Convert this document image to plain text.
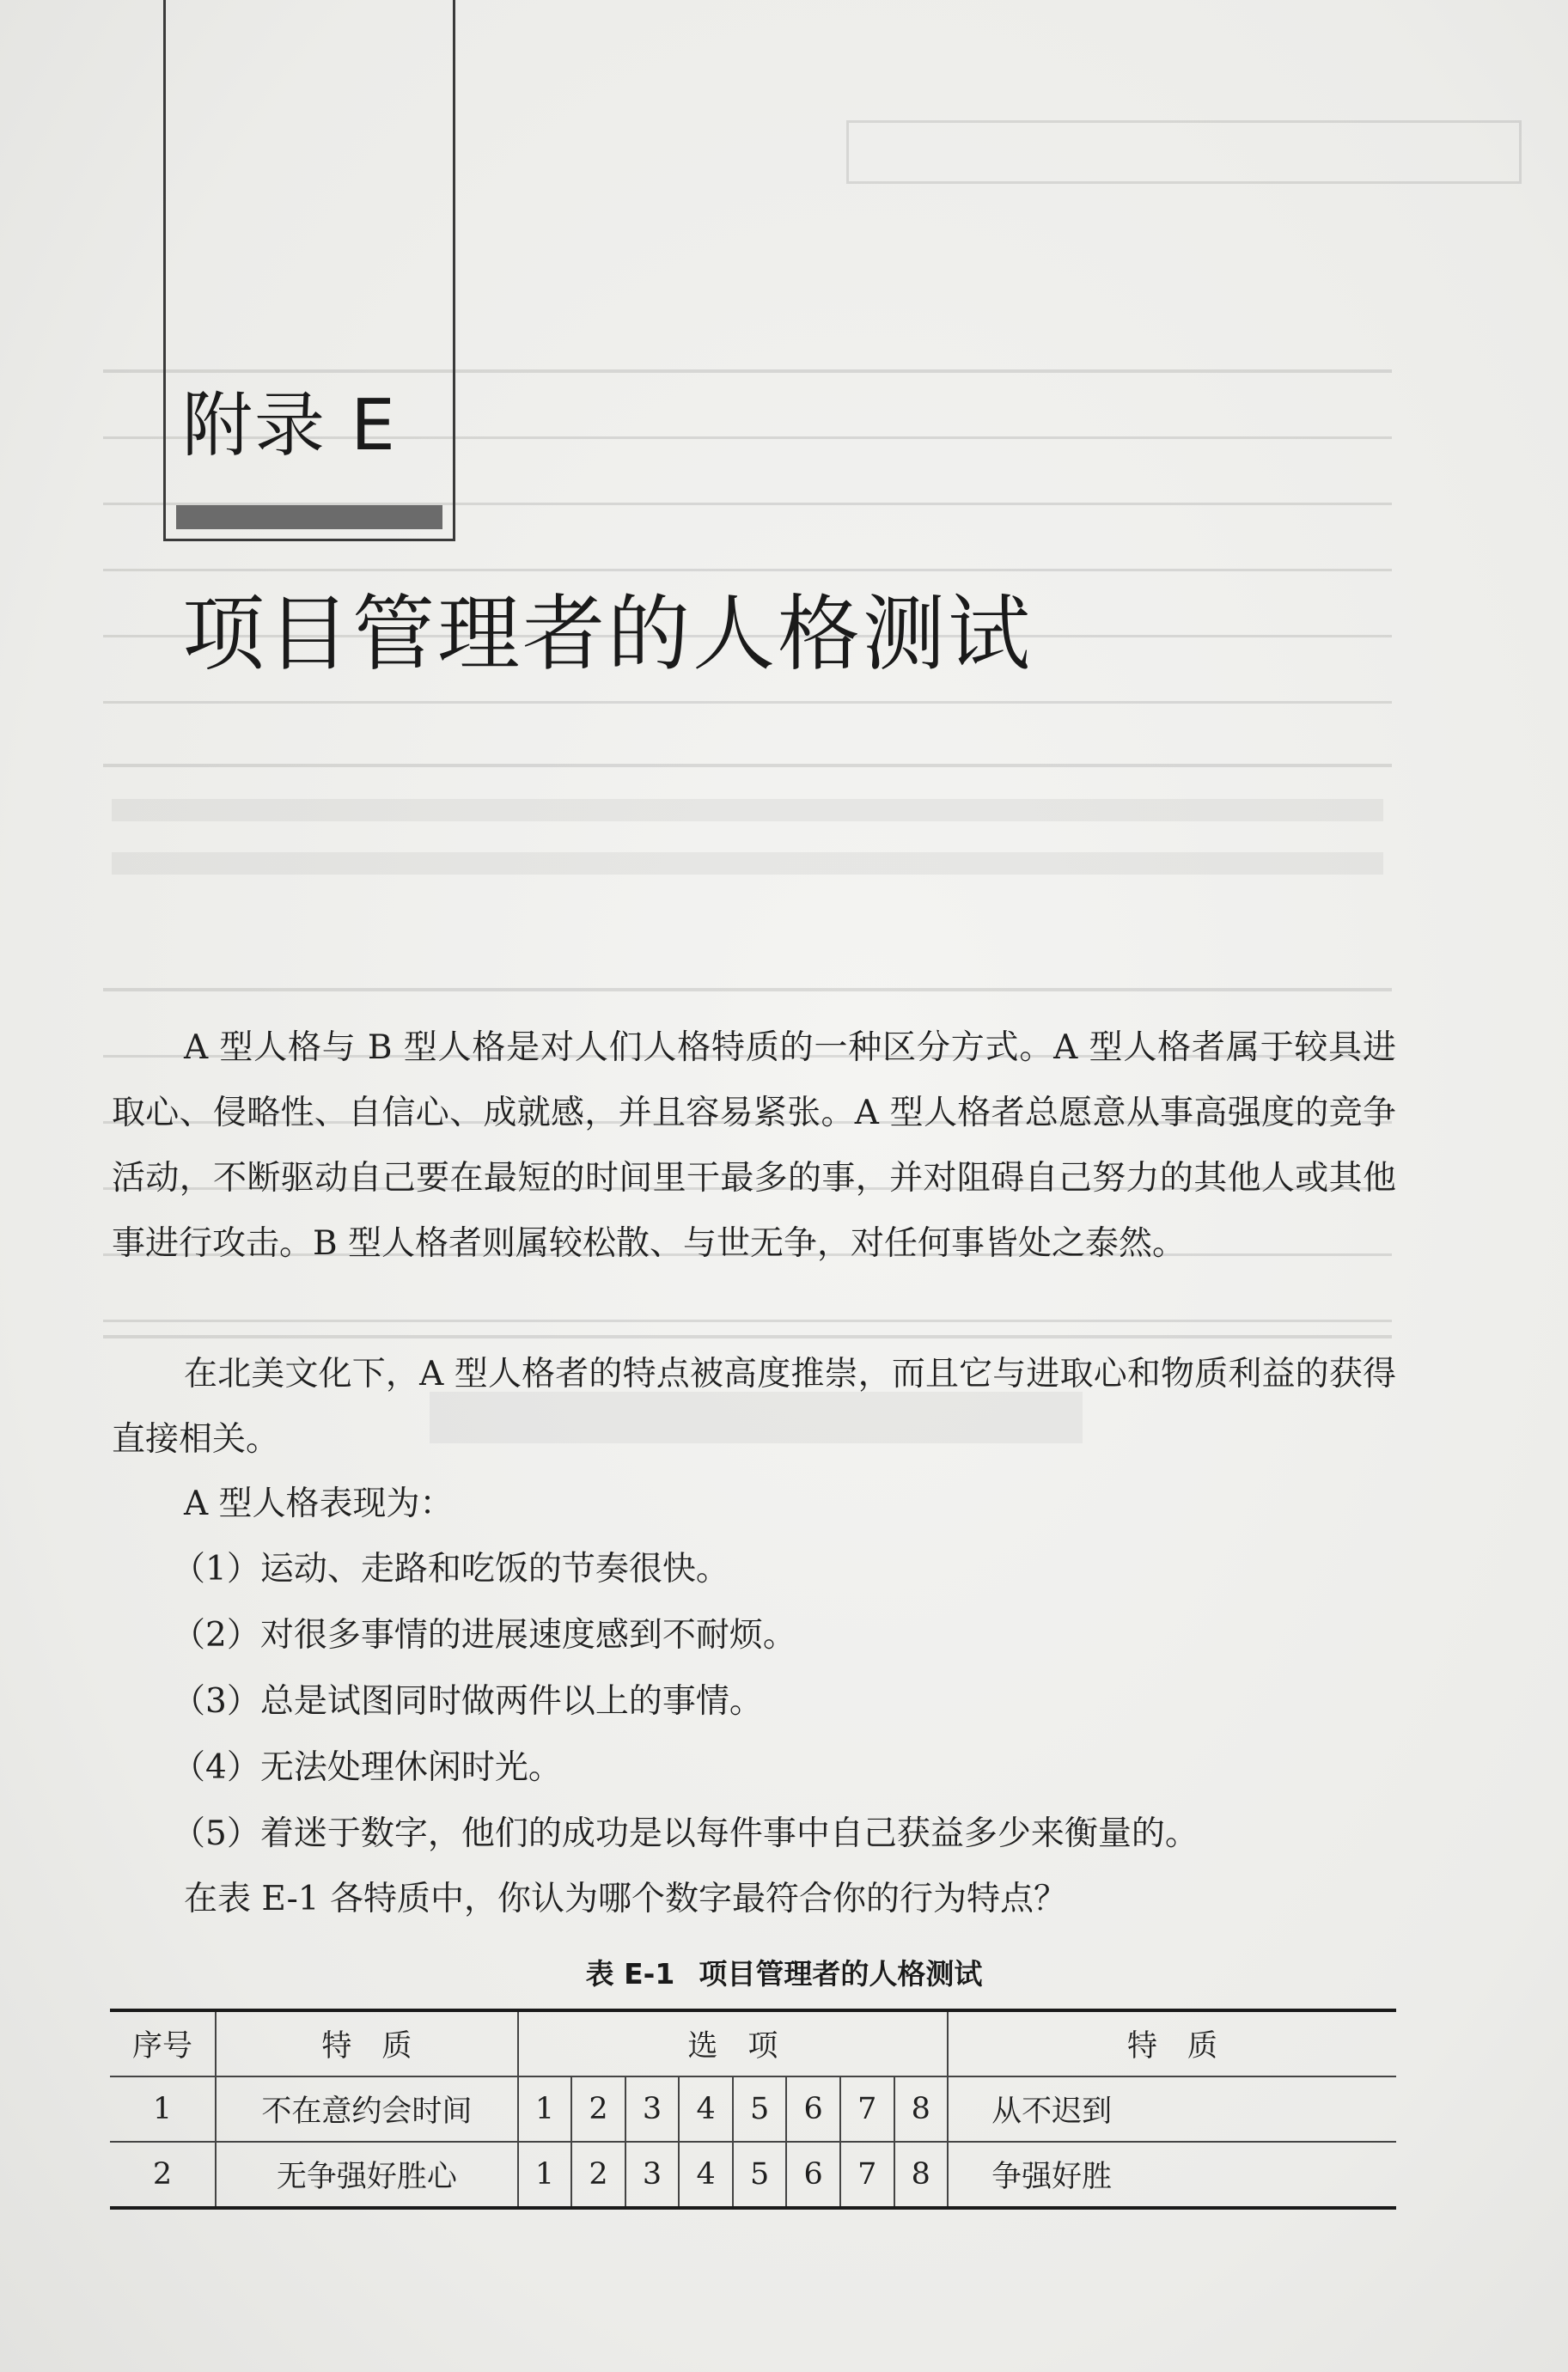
附录 E
项目管理者的人格测试

A 型人格与 B 型人格是对人们人格特质的一种区分方式。A 型人格者属于较具进取心、侵略性、自信心、成就感，并且容易紧张。A 型人格者总愿意从事高强度的竞争活动，不断驱动自己要在最短的时间里干最多的事，并对阻碍自己努力的其他人或其他事进行攻击。B 型人格者则属较松散、与世无争，对任何事皆处之泰然。

在北美文化下，A 型人格者的特点被高度推崇，而且它与进取心和物质利益的获得直接相关。

A 型人格表现为：

（1）运动、走路和吃饭的节奏很快。
（2）对很多事情的进展速度感到不耐烦。
（3）总是试图同时做两件以上的事情。
（4）无法处理休闲时光。
（5）着迷于数字，他们的成功是以每件事中自己获益多少来衡量的。
在表 E-1 各特质中，你认为哪个数字最符合你的行为特点？
表 E-1 项目管理者的人格测试
序号	特　质	选　项								特　质
1	不在意约会时间	1	2	3	4	5	6	7	8	从不迟到
2	无争强好胜心	1	2	3	4	5	6	7	8	争强好胜
